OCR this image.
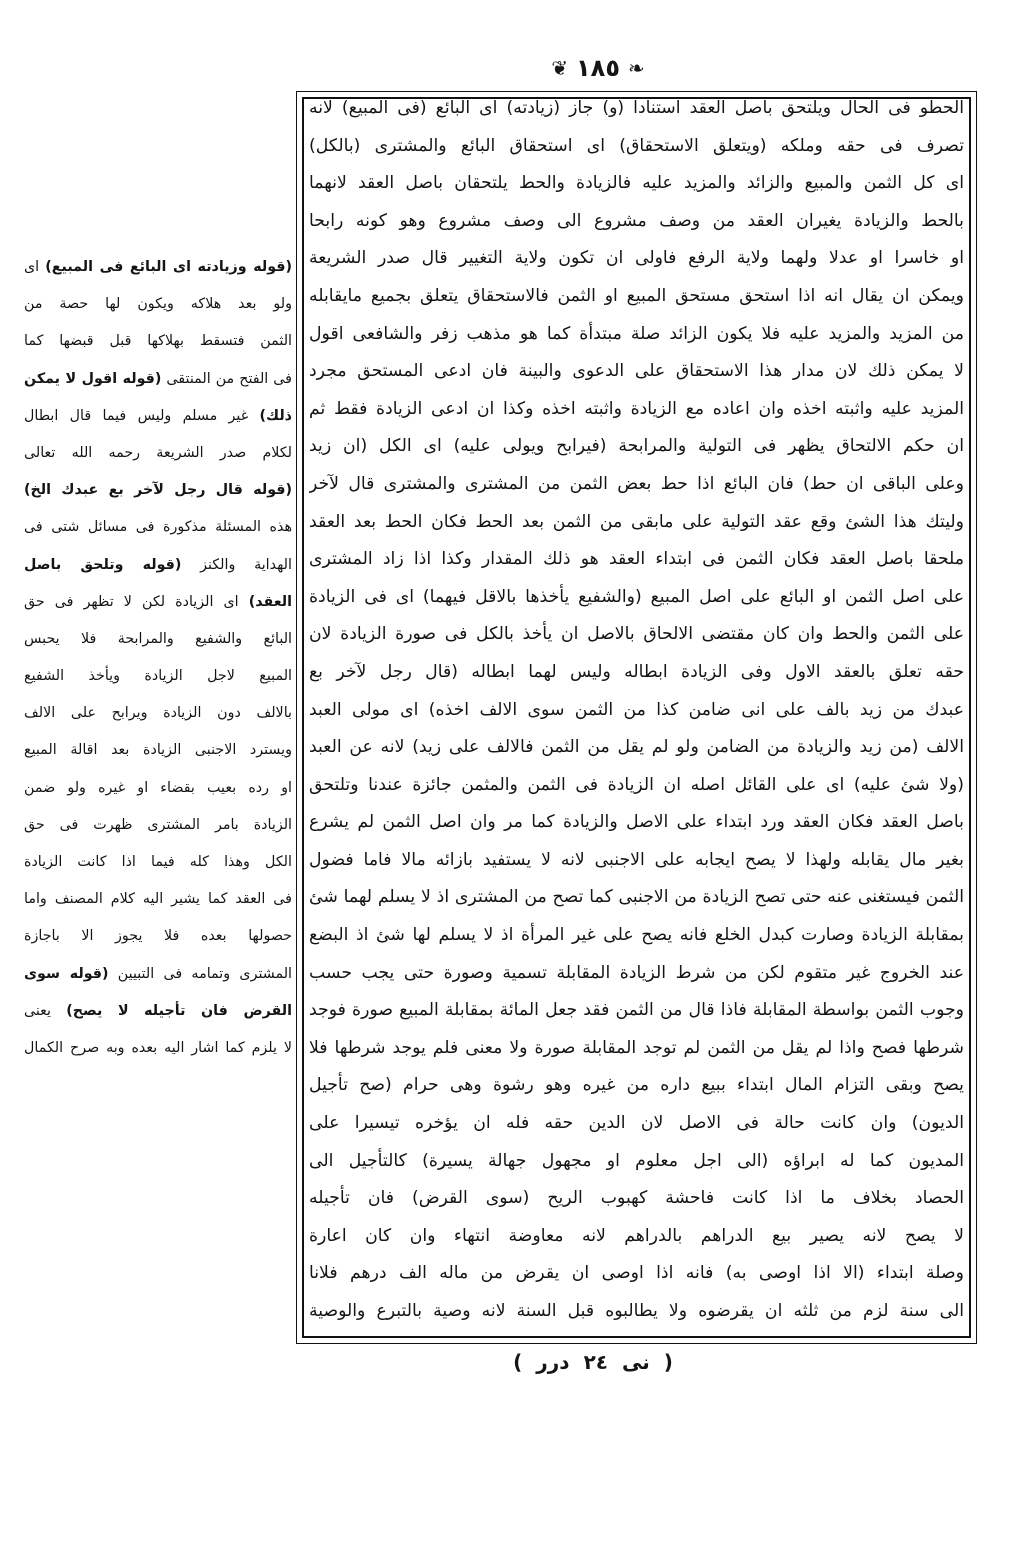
❦
١٨٥
❧
الحطو فى الحال ويلتحق باصل العقد استنادا (و) جاز (زيادته) اى البائع (فى المبيع) لانه
تصرف فى حقه وملكه (ويتعلق الاستحقاق) اى استحقاق البائع والمشترى (بالكل)
اى كل الثمن والمبيع والزائد والمزيد عليه فالزيادة والحط يلتحقان باصل العقد لانهما
بالحط والزيادة يغيران العقد من وصف مشروع الى وصف مشروع وهو كونه رابحا
او خاسرا او عدلا ولهما ولاية الرفع فاولى ان تكون ولاية التغيير قال صدر الشريعة
ويمكن ان يقال انه اذا استحق مستحق المبيع او الثمن فالاستحقاق يتعلق بجميع مايقابله
من المزيد والمزيد عليه فلا يكون الزائد صلة مبتدأة كما هو مذهب زفر والشافعى اقول
لا يمكن ذلك لان مدار هذا الاستحقاق على الدعوى والبينة فان ادعى المستحق مجرد
المزيد عليه واثبته اخذه وان اعاده مع الزيادة واثبته اخذه وكذا ان ادعى الزيادة فقط ثم
ان حكم الالتحاق يظهر فى التولية والمرابحة (فيرابح ويولى عليه) اى الكل (ان زيد
وعلى الباقى ان حط) فان البائع اذا حط بعض الثمن من المشترى والمشترى قال لآخر
وليتك هذا الشئ وقع عقد التولية على مابقى من الثمن بعد الحط فكان الحط بعد العقد
ملحقا باصل العقد فكان الثمن فى ابتداء العقد هو ذلك المقدار وكذا اذا زاد المشترى
على اصل الثمن او البائع على اصل المبيع (والشفيع يأخذها بالاقل فيهما) اى فى الزيادة
على الثمن والحط وان كان مقتضى الالحاق بالاصل ان يأخذ بالكل فى صورة الزيادة لان
حقه تعلق بالعقد الاول وفى الزيادة ابطاله وليس لهما ابطاله (قال رجل لآخر بع
عبدك من زيد بالف على انى ضامن كذا من الثمن سوى الالف اخذه) اى مولى العبد
الالف (من زيد والزيادة من الضامن ولو لم يقل من الثمن فالالف على زيد) لانه عن العبد
(ولا شئ عليه) اى على القائل اصله ان الزيادة فى الثمن والمثمن جائزة عندنا وتلتحق
باصل العقد فكان العقد ورد ابتداء على الاصل والزيادة كما مر وان اصل الثمن لم يشرع
بغير مال يقابله ولهذا لا يصح ايجابه على الاجنبى لانه لا يستفيد بازائه مالا فاما فضول
الثمن فيستغنى عنه حتى تصح الزيادة من الاجنبى كما تصح من المشترى اذ لا يسلم لهما شئ
بمقابلة الزيادة وصارت كبدل الخلع فانه يصح على غير المرأة اذ لا يسلم لها شئ اذ البضع
عند الخروج غير متقوم لكن من شرط الزيادة المقابلة تسمية وصورة حتى يجب حسب
وجوب الثمن بواسطة المقابلة فاذا قال من الثمن فقد جعل المائة بمقابلة المبيع صورة فوجد
شرطها فصح واذا لم يقل من الثمن لم توجد المقابلة صورة ولا معنى فلم يوجد شرطها فلا
يصح وبقى التزام المال ابتداء ببيع داره من غيره وهو رشوة وهى حرام (صح تأجيل
الديون) وان كانت حالة فى الاصل لان الدين حقه فله ان يؤخره تيسيرا على
المديون كما له ابراؤه (الى اجل معلوم او مجهول جهالة يسيرة) كالتأجيل الى
الحصاد بخلاف ما اذا كانت فاحشة كهبوب الريح (سوى القرض) فان تأجيله
لا يصح لانه يصير بيع الدراهم بالدراهم لانه معاوضة انتهاء وان كان اعارة
وصلة ابتداء (الا اذا اوصى به) فانه اذا اوصى ان يقرض من ماله الف درهم فلانا
الى سنة لزم من ثلثه ان يقرضوه ولا يطالبوه قبل السنة لانه وصية بالتبرع والوصية
(قوله وزيادته اى البائع فى المبيع) اى
ولو بعد هلاكه ويكون لها حصة من
الثمن فتسقط بهلاكها قبل قبضها كما
فى الفتح من المنتقى (قوله اقول لا يمكن
ذلك) غير مسلم وليس فيما قال ابطال
لكلام صدر الشريعة رحمه الله تعالى
(قوله قال رجل لآخر بع عبدك الخ)
هذه المسئلة مذكورة فى مسائل شتى فى
الهداية والكنز (قوله وتلحق باصل
العقد) اى الزيادة لكن لا تظهر فى حق
البائع والشفيع والمرابحة فلا يحبس
المبيع لاجل الزيادة ويأخذ الشفيع
بالالف دون الزيادة ويرابح على الالف
ويسترد الاجنبى الزيادة بعد اقالة المبيع
او رده بعيب بقضاء او غيره ولو ضمن
الزيادة بامر المشترى ظهرت فى حق
الكل وهذا كله فيما اذا كانت الزيادة
فى العقد كما يشير اليه كلام المصنف واما
حصولها بعده فلا يجوز الا باجازة
المشترى وتمامه فى التبيين (قوله سوى
القرض فان تأجيله لا يصح) يعنى
لا يلزم كما اشار اليه بعده وبه صرح الكمال
( درر ٢٤ نى )
